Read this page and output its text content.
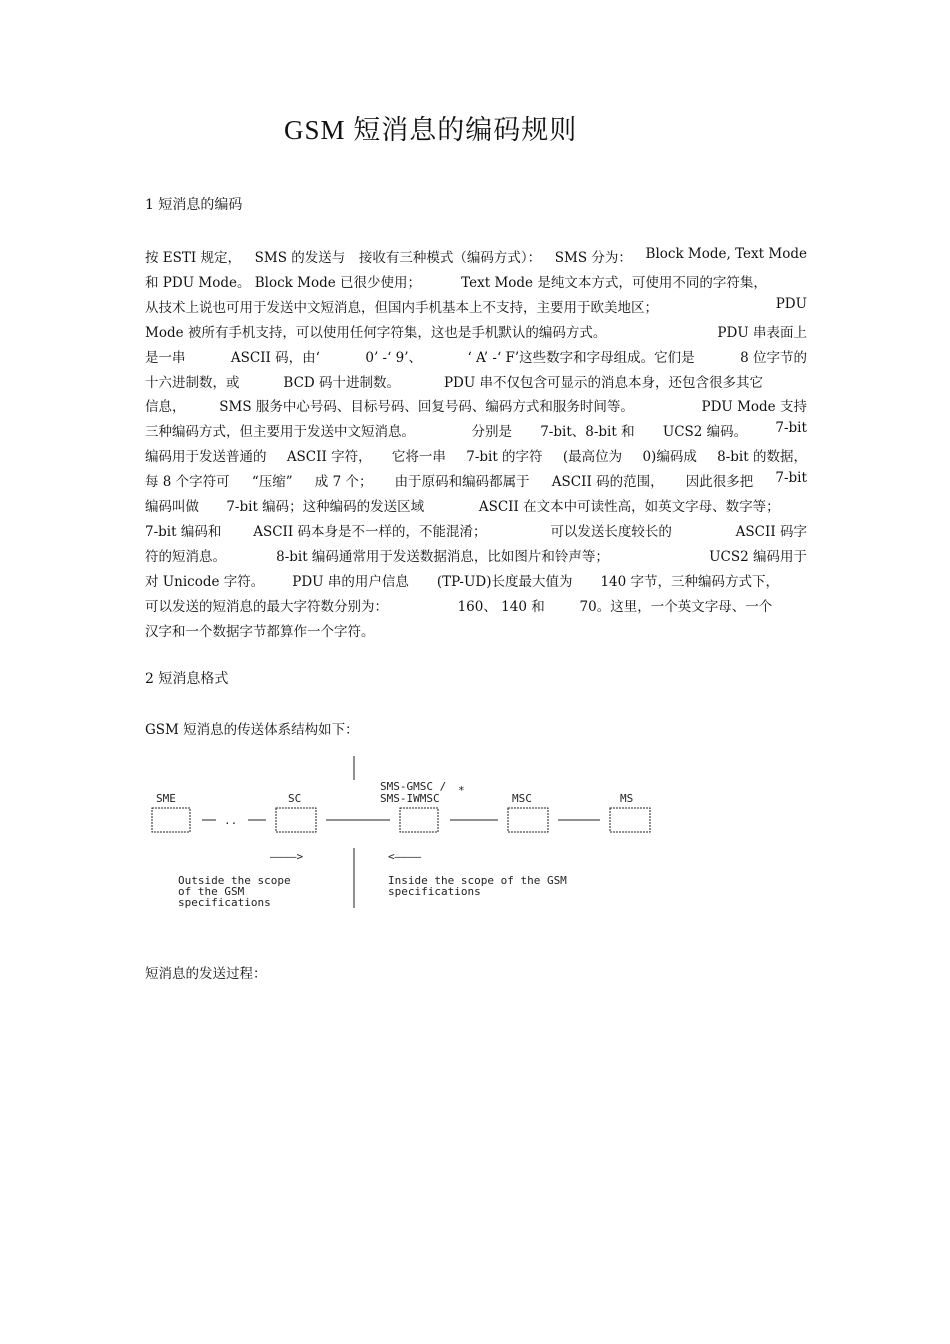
GSM 短消息的编码规则
1 短消息的编码
按 ESTI 规定， SMS 的发送与 接收有三种模式（编码方式）： SMS 分为： Block Mode, Text Mode
和 PDU Mode。 Block Mode 已很少使用；	Text Mode 是纯文本方式，可使用不同的字符集，
从技术上说也可用于发送中文短消息，但国内手机基本上不支持，主要用于欧美地区；	PDU
Mode 被所有手机支持，可以使用任何字符集，这也是手机默认的编码方式。	PDU 串表面上
是一串	ASCII 码，由‘	0’ -‘ 9’、	‘ A’ -‘ F’这些数字和字母组成。它们是	8 位字节的
十六进制数，或	BCD 码十进制数。	PDU 串不仅包含可显示的消息本身，还包含很多其它
信息，	SMS 服务中心号码、目标号码、回复号码、编码方式和服务时间等。	PDU Mode 支持
三种编码方式，但主要用于发送中文短消息。	分别是 7-bit、8-bit 和 UCS2 编码。 7-bit
编码用于发送普通的 ASCII 字符， 它将一串 7-bit 的字符 (最高位为 0)编码成 8-bit 的数据，
每 8 个字符可 “压缩” 成 7 个； 由于原码和编码都属于 ASCII 码的范围， 因此很多把 7-bit
编码叫做 7-bit 编码；这种编码的发送区域	ASCII 在文本中可读性高，如英文字母、数字等；
7-bit 编码和 ASCII 码本身是不一样的，不能混淆；	可以发送长度较长的	ASCII 码字
符的短消息。	8-bit 编码通常用于发送数据消息，比如图片和铃声等；	UCS2 编码用于
对 Unicode 字符。 PDU 串的用户信息 (TP-UD)长度最大值为 140 字节，三种编码方式下，
可以发送的短消息的最大字符数分别为：	160、 140 和	70。这里，一个英文字母、一个
汉字和一个数据字节都算作一个字符。
2 短消息格式
GSM 短消息的传送体系结构如下：
SME	SC
SMS-GMSC /
SMS-IWMSC
*
MSC	MS
..
————>	<————
Outside the scope
of the GSM
specifications
Inside the scope of the GSM
specifications
短消息的发送过程：
